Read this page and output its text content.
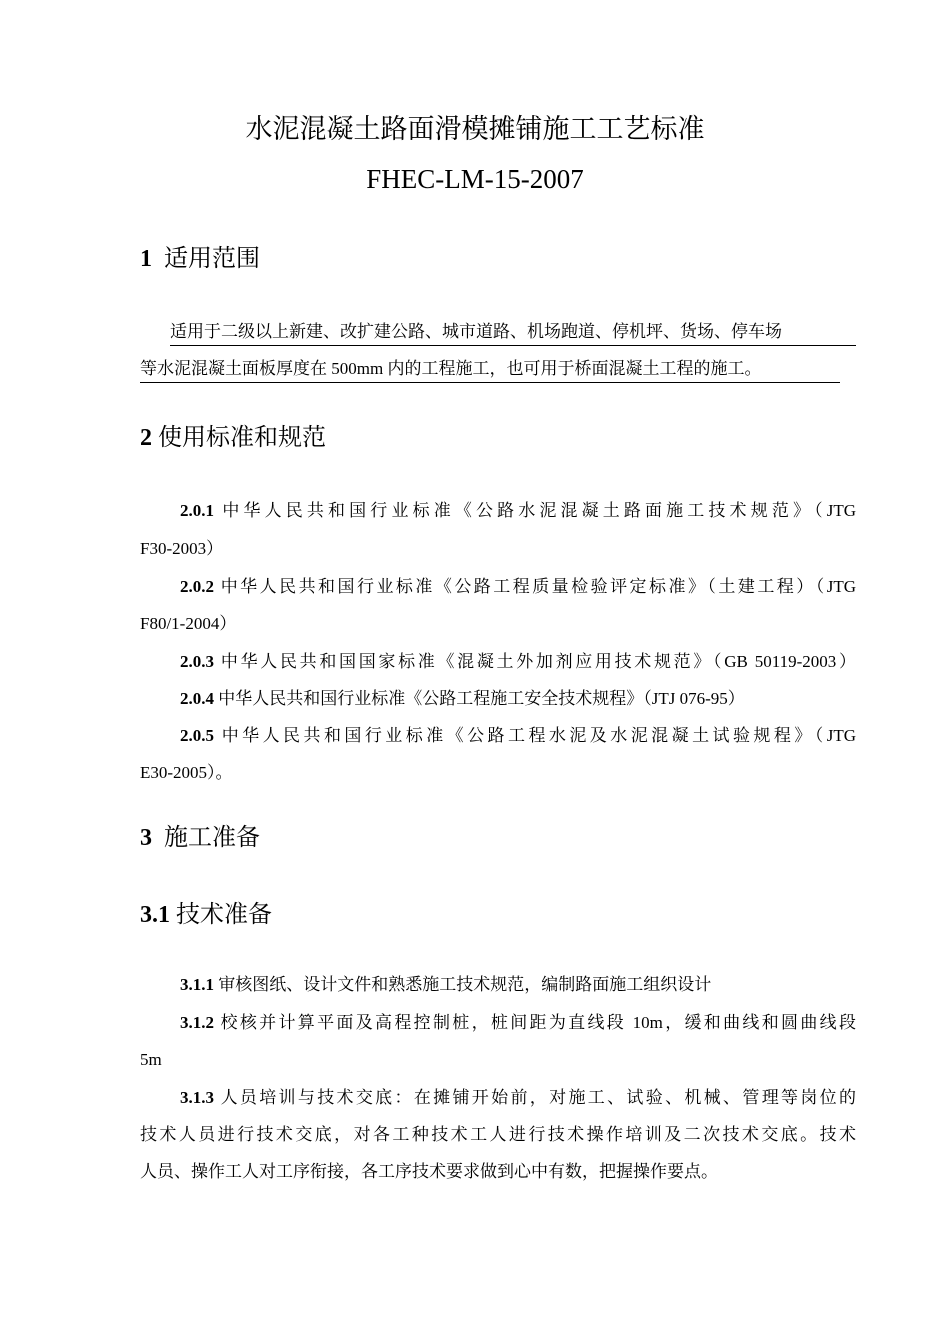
水泥混凝土路面滑模摊铺施工工艺标准
FHEC-LM-15-2007
1 适用范围
适用于二级以上新建、改扩建公路、城市道路、机场跑道、停机坪、货场、停车场
等水泥混凝土面板厚度在 500mm 内的工程施工，也可用于桥面混凝土工程的施工。
2 使用标准和规范
2.0.1 中华人民共和国行业标准《公路水泥混凝土路面施工技术规范》（JTG
F30-2003）
2.0.2 中华人民共和国行业标准《公路工程质量检验评定标准》（土建工程）（JTG
F80/1-2004）
2.0.3 中华人民共和国国家标准《混凝土外加剂应用技术规范》（GB 50119-2003）
2.0.4 中华人民共和国行业标准《公路工程施工安全技术规程》（JTJ 076-95）
2.0.5 中华人民共和国行业标准《公路工程水泥及水泥混凝土试验规程》（JTG
E30-2005）。
3 施工准备
3.1 技术准备
3.1.1 审核图纸、设计文件和熟悉施工技术规范，编制路面施工组织设计
3.1.2 校核并计算平面及高程控制桩，桩间距为直线段 10m，缓和曲线和圆曲线段
5m
3.1.3 人员培训与技术交底：在摊铺开始前，对施工、试验、机械、管理等岗位的
技术人员进行技术交底，对各工种技术工人进行技术操作培训及二次技术交底。技术
人员、操作工人对工序衔接，各工序技术要求做到心中有数，把握操作要点。
